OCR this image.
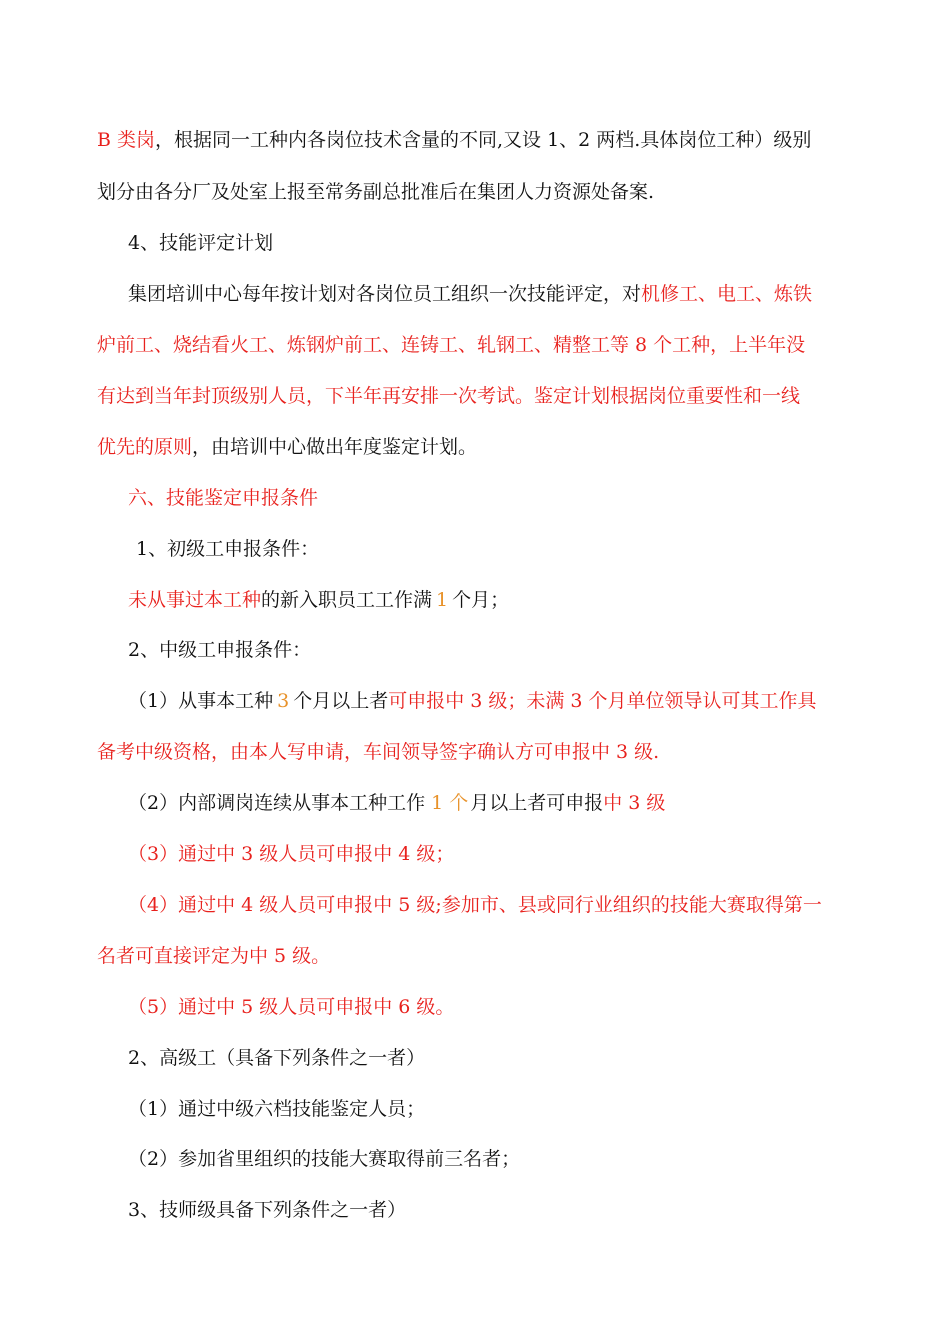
B 类岗，根据同一工种内各岗位技术含量的不同,又设 1、2 两档.具体岗位工种）级别
划分由各分厂及处室上报至常务副总批准后在集团人力资源处备案.
4、技能评定计划
集团培训中心每年按计划对各岗位员工组织一次技能评定，对机修工、电工、炼铁
炉前工、烧结看火工、炼钢炉前工、连铸工、轧钢工、精整工等 8 个工种，上半年没
有达到当年封顶级别人员，下半年再安排一次考试。鉴定计划根据岗位重要性和一线
优先的原则，由培训中心做出年度鉴定计划。
六、技能鉴定申报条件
1、初级工申报条件：
未从事过本工种的新入职员工工作满 1 个月；
2、中级工申报条件：
（1）从事本工种 3 个月以上者可申报中 3 级；未满 3 个月单位领导认可其工作具
备考中级资格，由本人写申请，车间领导签字确认方可申报中 3 级.
（2）内部调岗连续从事本工种工作 1 个 月以上者可申报中 3 级
（3）通过中 3 级人员可申报中 4 级；
（4）通过中 4 级人员可申报中 5 级;参加市、县或同行业组织的技能大赛取得第一
名者可直接评定为中 5 级。
（5）通过中 5 级人员可申报中 6 级。
2、高级工（具备下列条件之一者）
（1）通过中级六档技能鉴定人员；
（2）参加省里组织的技能大赛取得前三名者；
3、技师级具备下列条件之一者）
